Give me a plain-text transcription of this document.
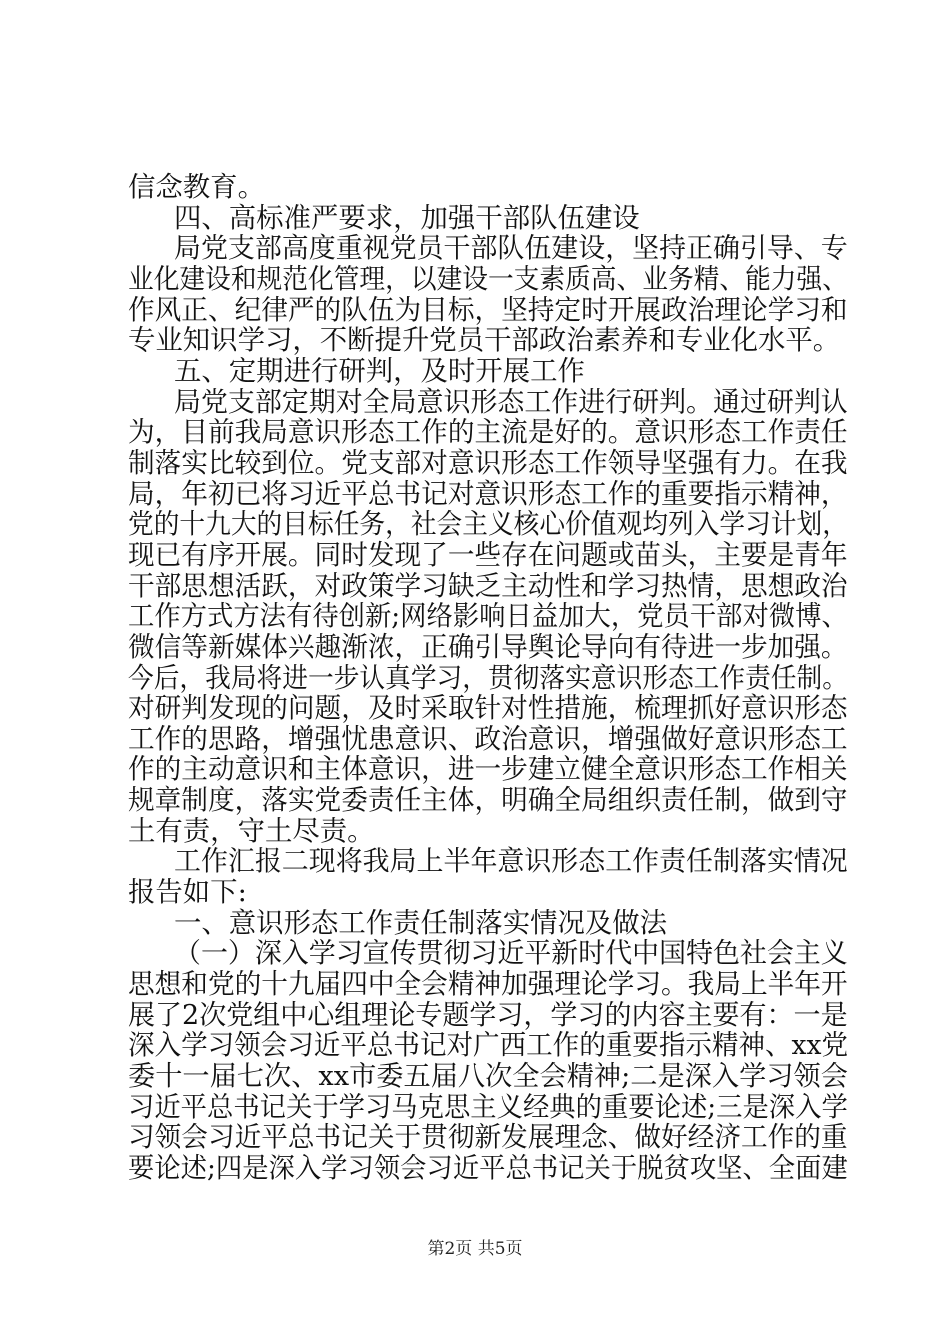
信念教育。
四、高标准严要求，加强干部队伍建设
局党支部高度重视党员干部队伍建设，坚持正确引导、专
业化建设和规范化管理，以建设一支素质高、业务精、能力强、
作风正、纪律严的队伍为目标，坚持定时开展政治理论学习和
专业知识学习，不断提升党员干部政治素养和专业化水平。
五、定期进行研判，及时开展工作
局党支部定期对全局意识形态工作进行研判。通过研判认
为，目前我局意识形态工作的主流是好的。意识形态工作责任
制落实比较到位。党支部对意识形态工作领导坚强有力。在我
局，年初已将习近平总书记对意识形态工作的重要指示精神，
党的十九大的目标任务，社会主义核心价值观均列入学习计划，
现已有序开展。同时发现了一些存在问题或苗头，主要是青年
干部思想活跃，对政策学习缺乏主动性和学习热情，思想政治
工作方式方法有待创新;网络影响日益加大，党员干部对微博、
微信等新媒体兴趣渐浓，正确引导舆论导向有待进一步加强。
今后，我局将进一步认真学习，贯彻落实意识形态工作责任制。
对研判发现的问题，及时采取针对性措施，梳理抓好意识形态
工作的思路，增强忧患意识、政治意识，增强做好意识形态工
作的主动意识和主体意识，进一步建立健全意识形态工作相关
规章制度，落实党委责任主体，明确全局组织责任制，做到守
土有责，守土尽责。
工作汇报二现将我局上半年意识形态工作责任制落实情况
报告如下:
一、意识形态工作责任制落实情况及做法
（一）深入学习宣传贯彻习近平新时代中国特色社会主义
思想和党的十九届四中全会精神加强理论学习。我局上半年开
展了2次党组中心组理论专题学习，学习的内容主要有：一是
深入学习领会习近平总书记对广西工作的重要指示精神、xx党
委十一届七次、xx市委五届八次全会精神;二是深入学习领会
习近平总书记关于学习马克思主义经典的重要论述;三是深入学
习领会习近平总书记关于贯彻新发展理念、做好经济工作的重
要论述;四是深入学习领会习近平总书记关于脱贫攻坚、全面建
第2页 共5页
